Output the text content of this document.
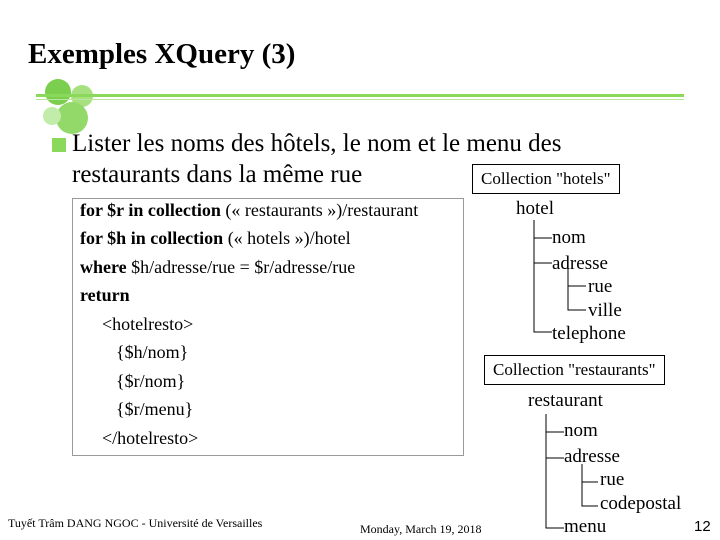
Exemples XQuery (3)
Lister les noms des hôtels, le nom et le menu des
restaurants dans la même rue
for $r in collection (« restaurants »)/restaurant
for $h in collection (« hotels »)/hotel
where $h/adresse/rue = $r/adresse/rue
return
<hotelresto>
{$h/nom}
{$r/nom}
{$r/menu}
</hotelresto>
Collection "hotels"
hotel
nom
adresse
rue
ville
telephone
Collection "restaurants"
restaurant
nom
adresse
rue
codepostal
menu
Tuyết Trâm DANG NGOC - Université de Versailles	Monday, March 19, 2018	12
